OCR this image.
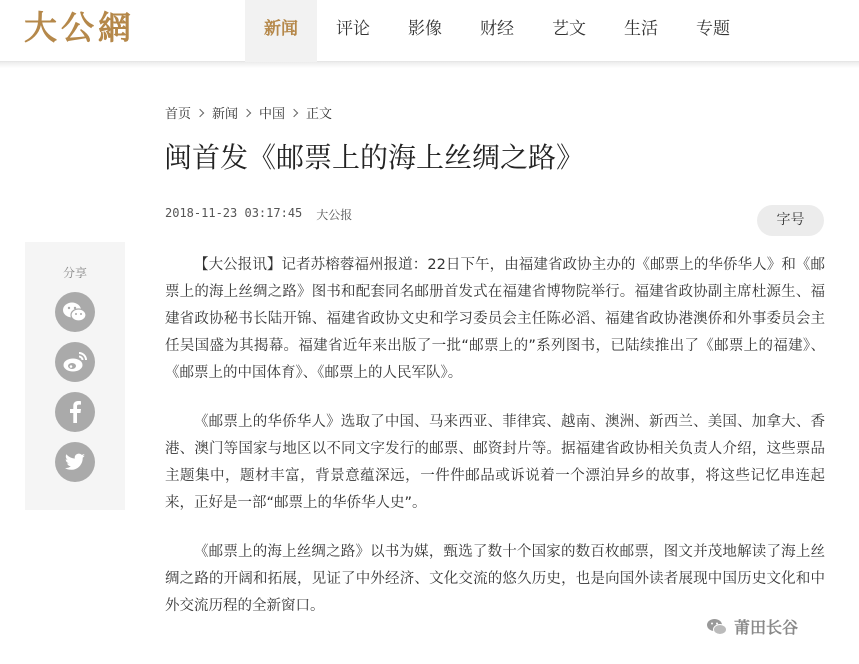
大公網	新闻	评论	影像	财经	艺文	生活	专题
首页 新闻 中国 正文
闽首发《邮票上的海上丝绸之路》
2018-11-23 03:17:45 大公报	字号
分享	【大公报讯】记者苏榕蓉福州报道：22日下午，由福建省政协主办的《邮票上的华侨华人》和《邮票上的海上丝绸之路》图书和配套同名邮册首发式在福建省博物院举行。福建省政协副主席杜源生、福建省政协秘书长陆开锦、福建省政协文史和学习委员会主任陈必滔、福建省政协港澳侨和外事委员会主任吴国盛为其揭幕。福建省近年来出版了一批“邮票上的”系列图书，已陆续推出了《邮票上的福建》、《邮票上的中国体育》、《邮票上的人民军队》。

《邮票上的华侨华人》选取了中国、马来西亚、菲律宾、越南、澳洲、新西兰、美国、加拿大、香港、澳门等国家与地区以不同文字发行的邮票、邮资封片等。据福建省政协相关负责人介绍，这些票品主题集中，题材丰富，背景意蕴深远，一件件邮品或诉说着一个漂泊异乡的故事，将这些记忆串连起来，正好是一部“邮票上的华侨华人史”。

《邮票上的海上丝绸之路》以书为媒，甄选了数十个国家的数百枚邮票，图文并茂地解读了海上丝绸之路的开阔和拓展，见证了中外经济、文化交流的悠久历史，也是向国外读者展现中国历史文化和中外交流历程的全新窗口。

莆田长谷
